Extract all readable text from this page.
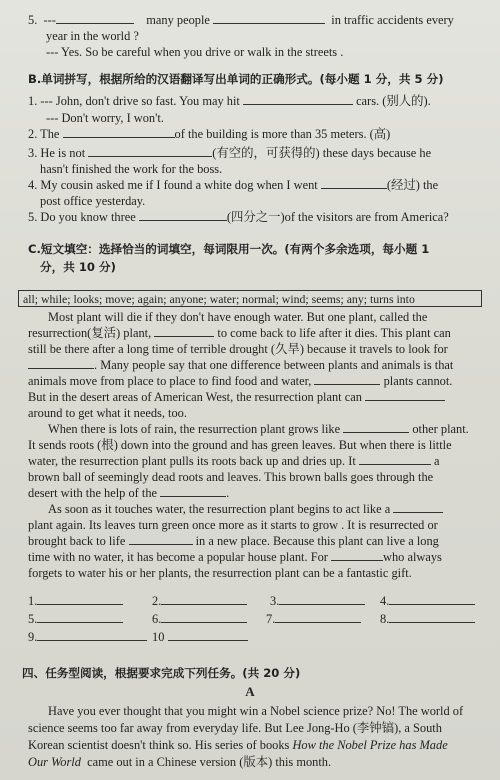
5. ---	many people	in traffic accidents every
year in the world ?
--- Yes. So be careful when you drive or walk in the streets .
B.单词拼写，根据所给的汉语翻译写出单词的正确形式。(每小题 1 分，共 5 分)
1. --- John, don't drive so fast. You may hit	cars. (别人的).
--- Don't worry, I won't.
2. The	of the building is more than 35 meters. (高)
3. He is not	(有空的，可获得的) these days because he
hasn't finished the work for the boss.
4. My cousin asked me if I found a white dog when I went	(经过) the
post office yesterday.
5. Do you know three	(四分之一)of the visitors are from America?
C.短文填空：选择恰当的词填空，每词限用一次。(有两个多余选项，每小题 1
分，共 10 分)
all; while; looks; move; again; anyone; water; normal; wind; seems; any; turns into
Most plant will die if they don't have enough water. But one plant, called the
resurrection(复活) plant,	to come back to life after it dies. This plant can
still be there after a long time of terrible drought (久旱) because it travels to look for
. Many people say that one difference between plants and animals is that
animals move from place to place to find food and water,	plants cannot.
But in the desert areas of American West, the resurrection plant can
around to get what it needs, too.
When there is lots of rain, the resurrection plant grows like	other plant.
It sends roots (根) down into the ground and has green leaves. But when there is little
water, the resurrection plant pulls its roots back up and dries up. It	a
brown ball of seemingly dead roots and leaves. This brown balls goes through the
desert with the help of the	.
As soon as it touches water, the resurrection plant begins to act like a
plant again. Its leaves turn green once more as it starts to grow . It is resurrected or
brought back to life	in a new place. Because this plant can live a long
time with no water, it has become a popular house plant. For	who always
forgets to water his or her plants, the resurrection plant can be a fantastic gift.
1.	2.	3.	4.
5.	6.	7.	8.
9.	10
四、任务型阅读，根据要求完成下列任务。(共 20 分)
A
Have you ever thought that you might win a Nobel science prize? No! The world of
science seems too far away from everyday life. But Lee Jong-Ho (李钟镐), a South
Korean scientist doesn't think so. His series of books How the Nobel Prize has Made
Our World came out in a Chinese version (版本) this month.
